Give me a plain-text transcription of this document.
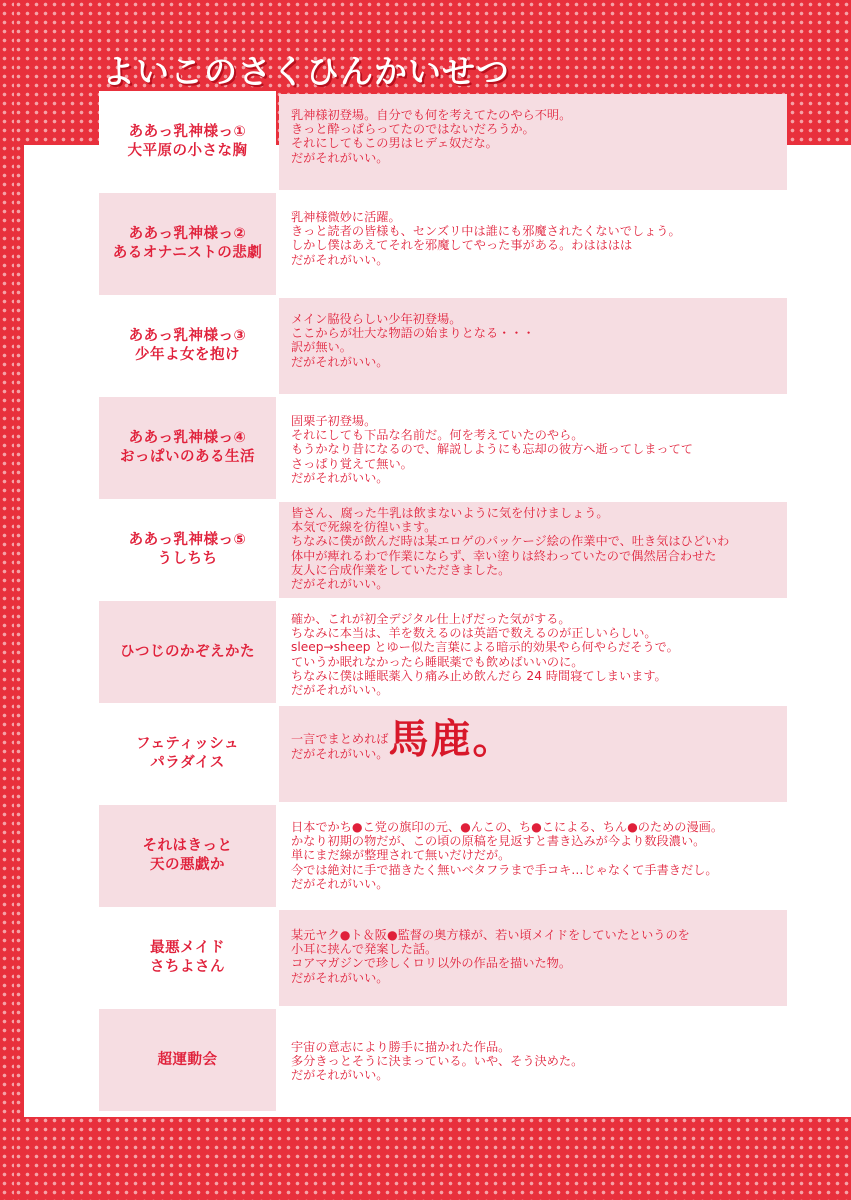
よいこのさくひんかいせつ
ああっ乳神様っ①
大平原の小さな胸
乳神様初登場。自分でも何を考えてたのやら不明。
きっと酔っぱらってたのではないだろうか。
それにしてもこの男はヒデェ奴だな。
だがそれがいい。
ああっ乳神様っ②
あるオナニストの悲劇
乳神様微妙に活躍。
きっと読者の皆様も、センズリ中は誰にも邪魔されたくないでしょう。
しかし僕はあえてそれを邪魔してやった事がある。わはははは
だがそれがいい。
ああっ乳神様っ③
少年よ女を抱け
メイン脇役らしい少年初登場。
ここからが壮大な物語の始まりとなる・・・
訳が無い。
だがそれがいい。
ああっ乳神様っ④
おっぱいのある生活
固栗子初登場。
それにしても下品な名前だ。何を考えていたのやら。
もうかなり昔になるので、解説しようにも忘却の彼方へ逝ってしまってて
さっぱり覚えて無い。
だがそれがいい。
ああっ乳神様っ⑤
うしちち
皆さん、腐った牛乳は飲まないように気を付けましょう。
本気で死線を彷徨います。
ちなみに僕が飲んだ時は某エロゲのパッケージ絵の作業中で、吐き気はひどいわ
体中が痺れるわで作業にならず、幸い塗りは終わっていたので偶然居合わせた
友人に合成作業をしていただきました。
だがそれがいい。
ひつじのかぞえかた
確か、これが初全デジタル仕上げだった気がする。
ちなみに本当は、羊を数えるのは英語で数えるのが正しいらしい。
sleep→sheep とゆー似た言葉による暗示的効果やら何やらだそうで。
ていうか眠れなかったら睡眠薬でも飲めばいいのに。
ちなみに僕は睡眠薬入り痛み止め飲んだら 24 時間寝てしまいます。
だがそれがいい。
フェティッシュ
パラダイス
一言でまとめれば馬鹿。
だがそれがいい。
それはきっと
天の悪戯か
日本でかち●こ党の旗印の元、●んこの、ち●こによる、ちん●のための漫画。
かなり初期の物だが、この頃の原稿を見返すと書き込みが今より数段濃い。
単にまだ線が整理されて無いだけだが。
今では絶対に手で描きたく無いベタフラまで手コキ…じゃなくて手書きだし。
だがそれがいい。
最悪メイド
さちよさん
某元ヤク●ト＆阪●監督の奥方様が、若い頃メイドをしていたというのを
小耳に挟んで発案した話。
コアマガジンで珍しくロリ以外の作品を描いた物。
だがそれがいい。
超運動会
宇宙の意志により勝手に描かれた作品。
多分きっとそうに決まっている。いや、そう決めた。
だがそれがいい。
